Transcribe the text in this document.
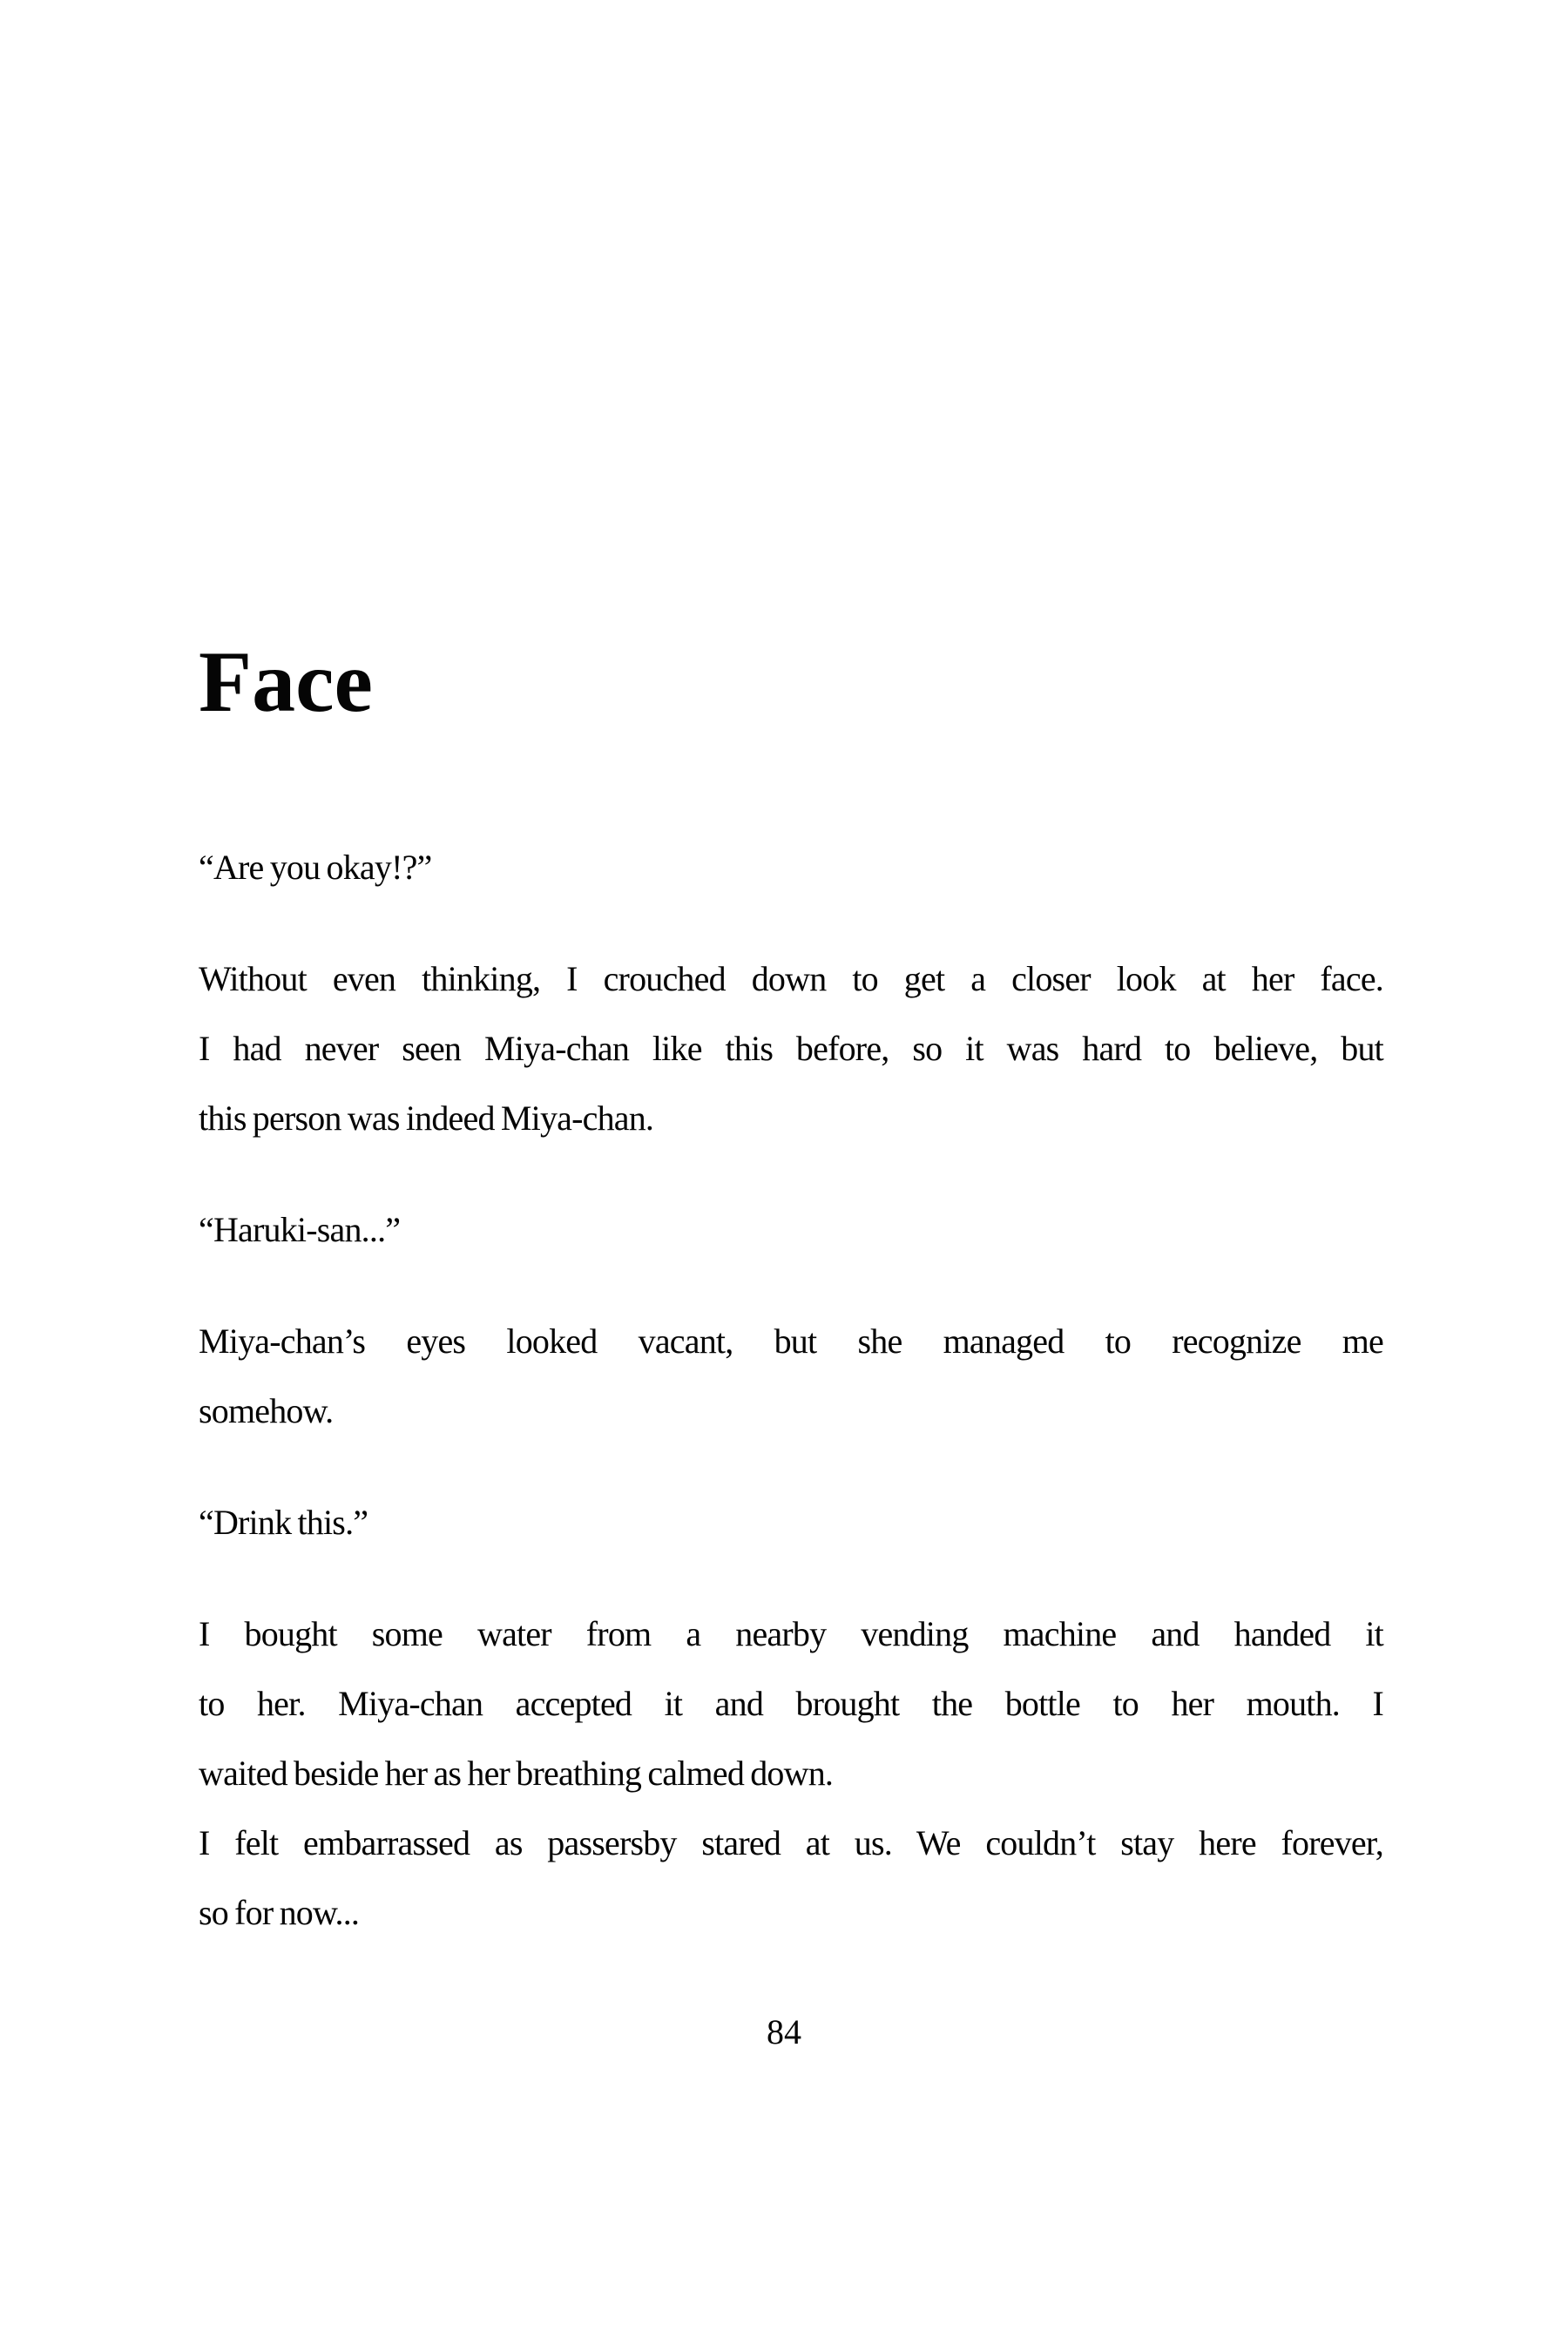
Face
“Are you okay!?”
Without even thinking, I crouched down to get a closer look at her face.
I had never seen Miya-chan like this before, so it was hard to believe, but
this person was indeed Miya-chan.
“Haruki-san...”
Miya-chan’s eyes looked vacant, but she managed to recognize me
somehow.
“Drink this.”
I bought some water from a nearby vending machine and handed it
to her. Miya-chan accepted it and brought the bottle to her mouth. I
waited beside her as her breathing calmed down.
I felt embarrassed as passersby stared at us. We couldn’t stay here forever,
so for now...
84
